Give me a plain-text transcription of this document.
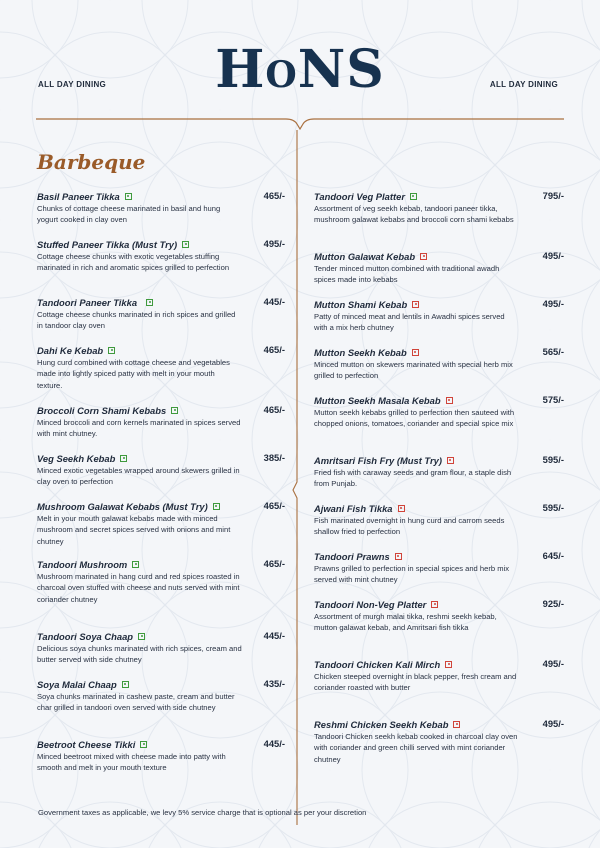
ALL DAY DINING	HONS	ALL DAY DINING
Barbeque
Basil Paneer Tikka	465/-
Chunks of cottage cheese marinated in basil and hung yogurt cooked in clay oven
Stuffed Paneer Tikka (Must Try)	495/-
Cottage cheese chunks with exotic vegetables stuffing marinated in rich and aromatic spices grilled to perfection
Tandoori Paneer Tikka	445/-
Cottage cheese chunks marinated in rich spices and grilled in tandoor clay oven
Dahi Ke Kebab	465/-
Hung curd combined with cottage cheese and vegetables made into lightly spiced patty with melt in your mouth texture.
Broccoli Corn Shami Kebabs	465/-
Minced broccoli and corn kernels marinated in spices served with mint chutney.
Veg Seekh Kebab	385/-
Minced exotic vegetables wrapped around skewers grilled in clay oven to perfection
Mushroom Galawat Kebabs (Must Try)	465/-
Melt in your mouth galawat kebabs made with minced mushroom and secret spices served with onions and mint chutney
Tandoori Mushroom	465/-
Mushroom marinated in hang curd and red spices roasted in charcoal oven stuffed with cheese and nuts served with mint coriander chutney
Tandoori Soya Chaap	445/-
Delicious soya chunks marinated with rich spices, cream and butter served with side chutney
Soya Malai Chaap	435/-
Soya chunks marinated in cashew paste, cream and butter char grilled in tandoori oven served with side chutney
Beetroot Cheese Tikki	445/-
Minced beetroot mixed with cheese made into patty with smooth and melt in your mouth texture
Tandoori Veg Platter	795/-
Assortment of veg seekh kebab, tandoori paneer tikka, mushroom galawat kebabs and broccoli corn shami kebabs
Mutton Galawat Kebab	495/-
Tender minced mutton combined with traditional awadh spices made into kebabs
Mutton Shami Kebab	495/-
Patty of minced meat and lentils in Awadhi spices served with a mix herb chutney
Mutton Seekh Kebab	565/-
Minced mutton on skewers marinated with special herb mix grilled to perfection
Mutton Seekh Masala Kebab	575/-
Mutton seekh kebabs grilled to perfection then sauteed with chopped onions, tomatoes, coriander and special spice mix
Amritsari Fish Fry (Must Try)	595/-
Fried fish with caraway seeds and gram flour, a staple dish from Punjab.
Ajwani Fish Tikka	595/-
Fish marinated overnight in hung curd and carrom seeds shallow fried to perfection
Tandoori Prawns	645/-
Prawns grilled to perfection in special spices and herb mix served with mint chutney
Tandoori Non-Veg Platter	925/-
Assortment of murgh malai tikka, reshmi seekh kebab, mutton galawat kebab, and Amritsari fish tikka
Tandoori Chicken Kali Mirch	495/-
Chicken steeped overnight in black pepper, fresh cream and coriander roasted with butter
Reshmi Chicken Seekh Kebab	495/-
Tandoori Chicken seekh kebab cooked in charcoal clay oven with coriander and green chilli served with mint coriander chutney
Government taxes as applicable, we levy 5% service charge that is optional as per your discretion
